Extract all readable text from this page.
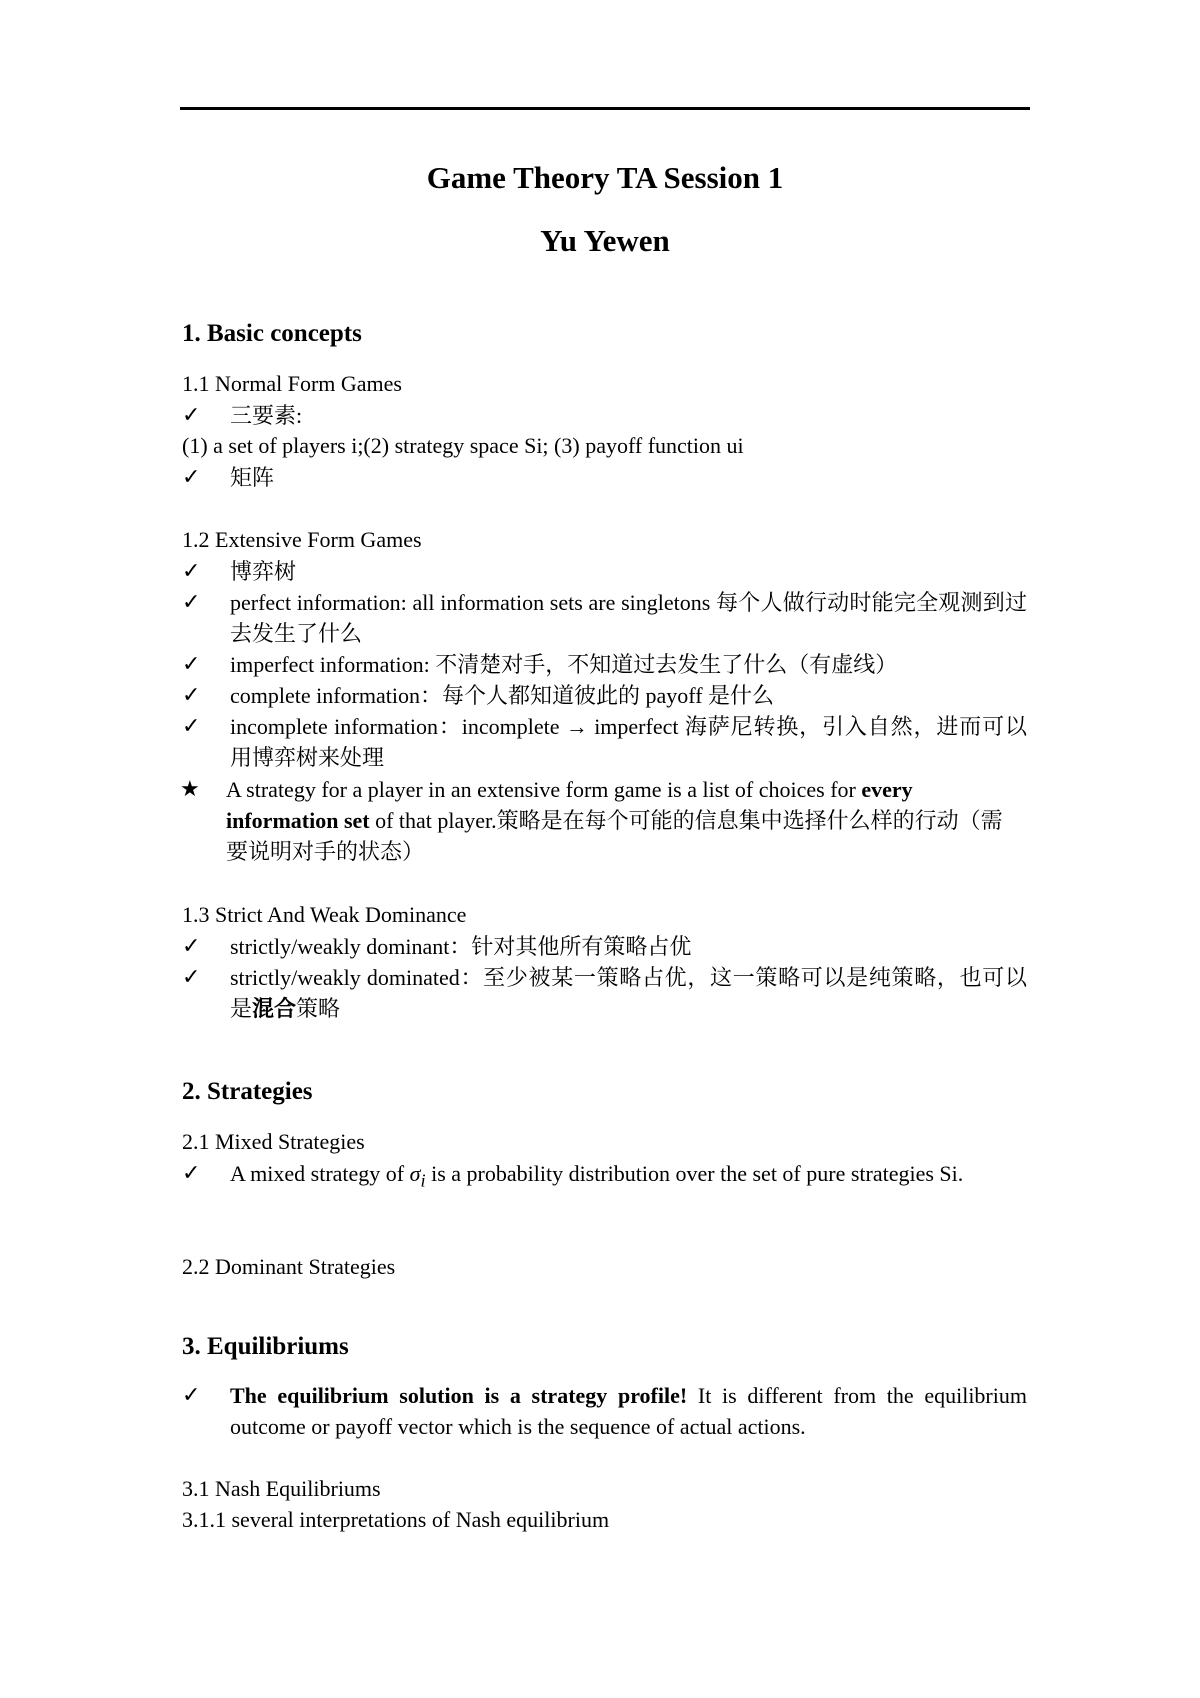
Game Theory TA Session 1
Yu Yewen
1. Basic concepts
1.1 Normal Form Games
✓	三要素:
(1) a set of players i;(2) strategy space Si; (3) payoff function ui
✓	矩阵
1.2 Extensive Form Games
✓	博弈树
✓	perfect information: all information sets are singletons 每个人做行动时能完全观测到过去发生了什么
✓	imperfect information: 不清楚对手，不知道过去发生了什么（有虚线）
✓	complete information：每个人都知道彼此的 payoff 是什么
✓	incomplete information：incomplete → imperfect 海萨尼转换，引入自然，进而可以用博弈树来处理
★ A strategy for a player in an extensive form game is a list of choices for every information set of that player.策略是在每个可能的信息集中选择什么样的行动（需要说明对手的状态）
1.3 Strict And Weak Dominance
✓	strictly/weakly dominant：针对其他所有策略占优
✓	strictly/weakly dominated：至少被某一策略占优，这一策略可以是纯策略，也可以是混合策略
2. Strategies
2.1 Mixed Strategies
✓	A mixed strategy of $\sigma_i$ is a probability distribution over the set of pure strategies Si.
2.2 Dominant Strategies
3. Equilibriums
✓	The equilibrium solution is a strategy profile! It is different from the equilibrium outcome or payoff vector which is the sequence of actual actions.
3.1 Nash Equilibriums
3.1.1 several interpretations of Nash equilibrium
